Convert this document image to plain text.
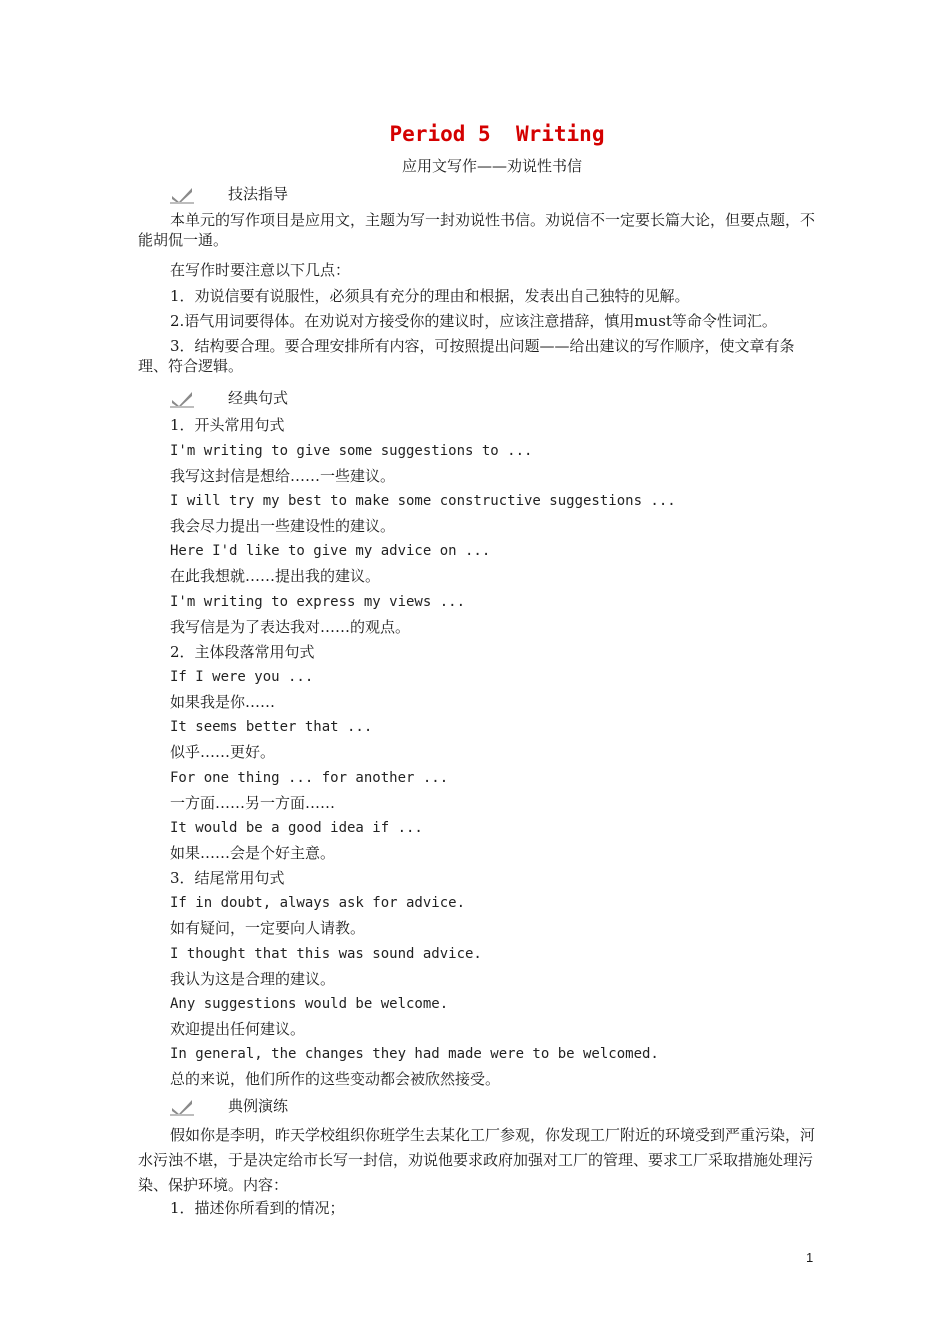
Period 5  Writing
应用文写作——劝说性书信
技法指导
本单元的写作项目是应用文，主题为写一封劝说性书信。劝说信不一定要长篇大论，但要点题，不能胡侃一通。
在写作时要注意以下几点：
1．劝说信要有说服性，必须具有充分的理由和根据，发表出自己独特的见解。
2.语气用词要得体。在劝说对方接受你的建议时，应该注意措辞，慎用must等命令性词汇。
3．结构要合理。要合理安排所有内容，可按照提出问题——给出建议的写作顺序，使文章有条理、符合逻辑。
经典句式
1．开头常用句式
I'm writing to give some suggestions to ...
我写这封信是想给……一些建议。
I will try my best to make some constructive suggestions ...
我会尽力提出一些建设性的建议。
Here I'd like to give my advice on ...
在此我想就……提出我的建议。
I'm writing to express my views ...
我写信是为了表达我对……的观点。
2．主体段落常用句式
If I were you ...
如果我是你……
It seems better that ...
似乎……更好。
For one thing ... for another ...
一方面……另一方面……
It would be a good idea if ...
如果……会是个好主意。
3．结尾常用句式
If in doubt, always ask for advice.
如有疑问，一定要向人请教。
I thought that this was sound advice.
我认为这是合理的建议。
Any suggestions would be welcome.
欢迎提出任何建议。
In general, the changes they had made were to be welcomed.
总的来说，他们所作的这些变动都会被欣然接受。
典例演练
假如你是李明，昨天学校组织你班学生去某化工厂参观，你发现工厂附近的环境受到严重污染，河水污浊不堪，于是决定给市长写一封信，劝说他要求政府加强对工厂的管理、要求工厂采取措施处理污染、保护环境。内容：
1．描述你所看到的情况；
1
